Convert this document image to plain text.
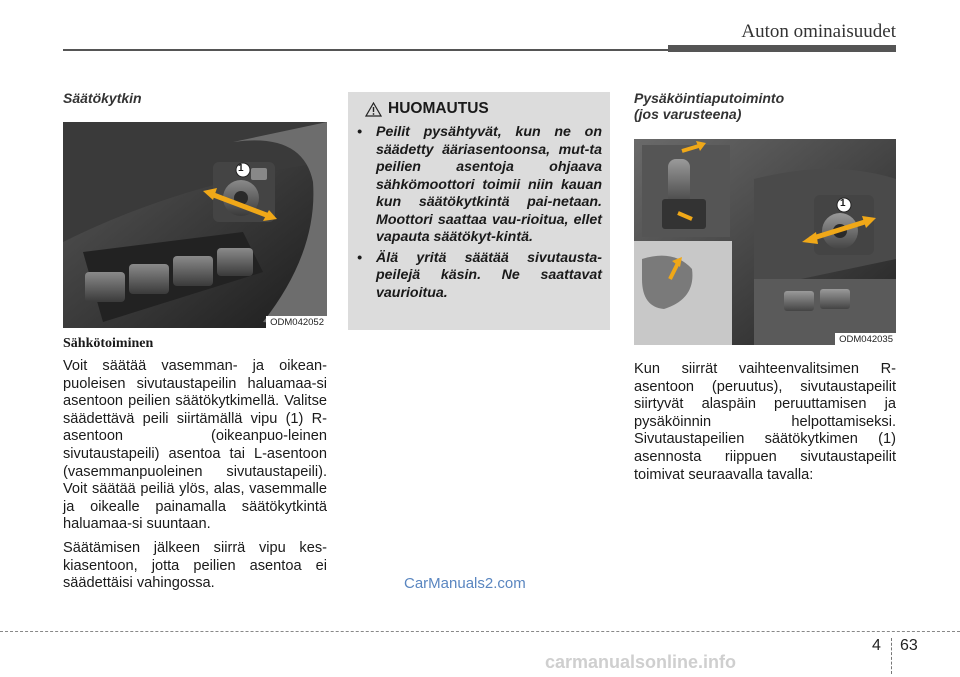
Auton ominaisuudet
Säätökytkin
1
ODM042052
Sähkötoiminen

Voit säätää vasemman- ja oikean-puoleisen sivutaustapeilin haluamaa-si asentoon peilien säätökytkimellä. Valitse säädettävä peili siirtämällä vipu (1) R-asentoon (oikeanpuo-leinen sivutaustapeili) asentoa tai L-asentoon (vasemmanpuoleinen sivutaustapeili). Voit säätää peiliä ylös, alas, vasemmalle ja oikealle painamalla säätökytkintä haluamaa-si suuntaan.

Säätämisen jälkeen siirrä vipu kes-kiasentoon, jotta peilien asentoa ei säädettäisi vahingossa.

HUOMAUTUS
• Peilit pysähtyvät, kun ne on säädetty ääriasentoonsa, mut-ta peilien asentoja ohjaava sähkömoottori toimii niin kauan kun säätökytkintä pai-netaan. Moottori saattaa vau-rioitua, ellet vapauta säätökyt-kintä.
• Älä yritä säätää sivutausta-peilejä käsin. Ne saattavat vaurioitua.
Pysäköintiaputoiminto
(jos varusteena)
1
ODM042035

Kun siirrät vaihteenvalitsimen R-asentoon (peruutus), sivutaustapeilit siirtyvät alaspäin peruuttamisen ja pysäköinnin helpottamiseksi. Sivutaustapeilien säätökytkimen (1) asennosta riippuen sivutaustapeilit toimivat seuraavalla tavalla:

CarManuals2.com
4 63
carmanualsonline.info
